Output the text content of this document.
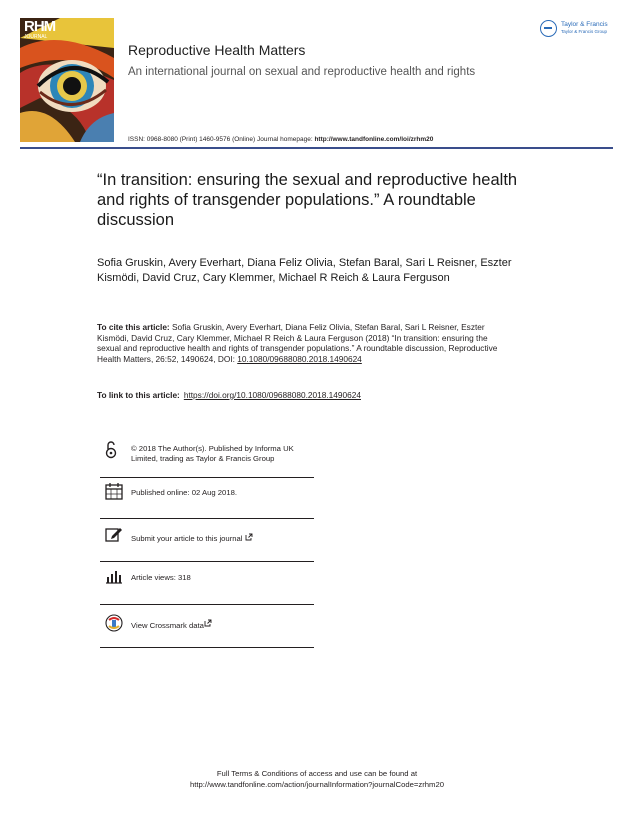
RHM
JOURNAL
Reproductive Health Matters
An international journal on sexual and reproductive health and rights
ISSN: 0968-8080 (Print) 1460-9576 (Online) Journal homepage: http://www.tandfonline.com/loi/zrhm20
Taylor & Francis
Taylor & Francis Group
“In transition: ensuring the sexual and reproductive health and rights of transgender populations.” A roundtable discussion
Sofia Gruskin, Avery Everhart, Diana Feliz Olivia, Stefan Baral, Sari L Reisner, Eszter Kismödi, David Cruz, Cary Klemmer, Michael R Reich & Laura Ferguson
To cite this article: Sofia Gruskin, Avery Everhart, Diana Feliz Olivia, Stefan Baral, Sari L Reisner, Eszter Kismödi, David Cruz, Cary Klemmer, Michael R Reich & Laura Ferguson (2018) “In transition: ensuring the sexual and reproductive health and rights of transgender populations.” A roundtable discussion, Reproductive Health Matters, 26:52, 1490624, DOI: 10.1080/09688080.2018.1490624
To link to this article: https://doi.org/10.1080/09688080.2018.1490624
© 2018 The Author(s). Published by Informa UK Limited, trading as Taylor & Francis Group
Published online: 02 Aug 2018.
Submit your article to this journal
Article views: 318
View Crossmark data
Full Terms & Conditions of access and use can be found at
http://www.tandfonline.com/action/journalInformation?journalCode=zrhm20
